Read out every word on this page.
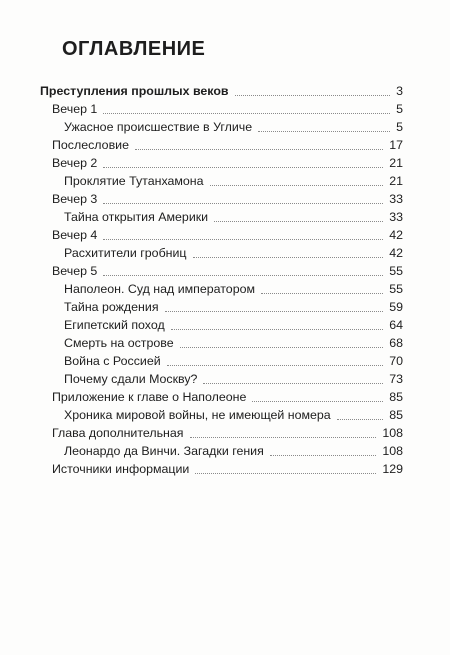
ОГЛАВЛЕНИЕ
Преступления прошлых веков	3
Вечер 1	5
Ужасное происшествие в Угличе	5
Послесловие	17
Вечер 2	21
Проклятие Тутанхамона	21
Вечер 3	33
Тайна открытия Америки	33
Вечер 4	42
Расхитители гробниц	42
Вечер 5	55
Наполеон. Суд над императором	55
Тайна рождения	59
Египетский поход	64
Смерть на острове	68
Война с Россией	70
Почему сдали Москву?	73
Приложение к главе о Наполеоне	85
Хроника мировой войны, не имеющей номера	85
Глава дополнительная	108
Леонардо да Винчи. Загадки гения	108
Источники информации	129
